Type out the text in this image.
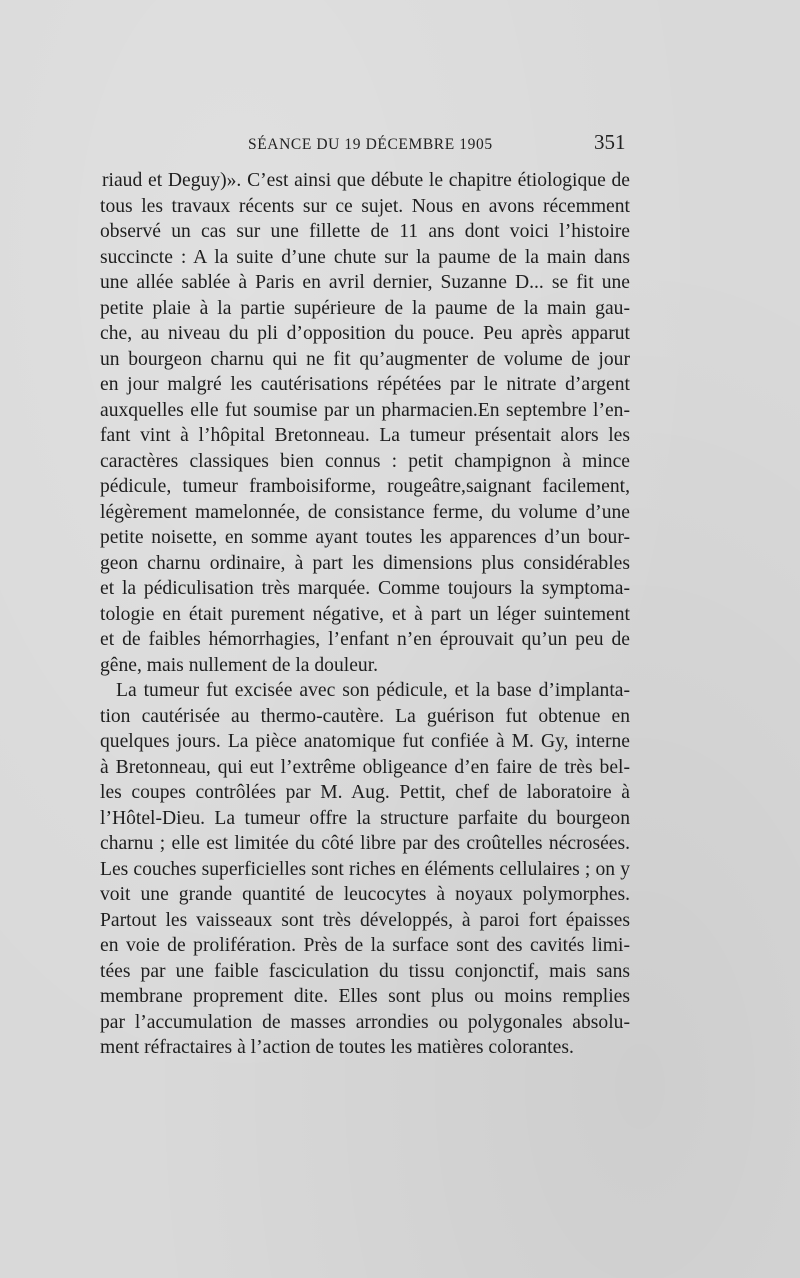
SÉANCE DU 19 DÉCEMBRE 1905	351
riaud et Deguy)». C’est ainsi que débute le chapitre étiologique de
tous les travaux récents sur ce sujet. Nous en avons récemment
observé un cas sur une fillette de 11 ans dont voici l’histoire
succincte : A la suite d’une chute sur la paume de la main dans
une allée sablée à Paris en avril dernier, Suzanne D... se fit une
petite plaie à la partie supérieure de la paume de la main gau-
che, au niveau du pli d’opposition du pouce. Peu après apparut
un bourgeon charnu qui ne fit qu’augmenter de volume de jour
en jour malgré les cautérisations répétées par le nitrate d’argent
auxquelles elle fut soumise par un pharmacien.En septembre l’en-
fant vint à l’hôpital Bretonneau. La tumeur présentait alors les
caractères classiques bien connus : petit champignon à mince
pédicule, tumeur framboisiforme, rougeâtre,saignant facilement,
légèrement mamelonnée, de consistance ferme, du volume d’une
petite noisette, en somme ayant toutes les apparences d’un bour-
geon charnu ordinaire, à part les dimensions plus considérables
et la pédiculisation très marquée. Comme toujours la symptoma-
tologie en était purement négative, et à part un léger suintement
et de faibles hémorrhagies, l’enfant n’en éprouvait qu’un peu de
gêne, mais nullement de la douleur.
La tumeur fut excisée avec son pédicule, et la base d’implanta-
tion cautérisée au thermo-cautère. La guérison fut obtenue en
quelques jours. La pièce anatomique fut confiée à M. Gy, interne
à Bretonneau, qui eut l’extrême obligeance d’en faire de très bel-
les coupes contrôlées par M. Aug. Pettit, chef de laboratoire à
l’Hôtel-Dieu. La tumeur offre la structure parfaite du bourgeon
charnu ; elle est limitée du côté libre par des croûtelles nécrosées.
Les couches superficielles sont riches en éléments cellulaires ; on y
voit une grande quantité de leucocytes à noyaux polymorphes.
Partout les vaisseaux sont très développés, à paroi fort épaisses
en voie de prolifération. Près de la surface sont des cavités limi-
tées par une faible fasciculation du tissu conjonctif, mais sans
membrane proprement dite. Elles sont plus ou moins remplies
par l’accumulation de masses arrondies ou polygonales absolu-
ment réfractaires à l’action de toutes les matières colorantes.
